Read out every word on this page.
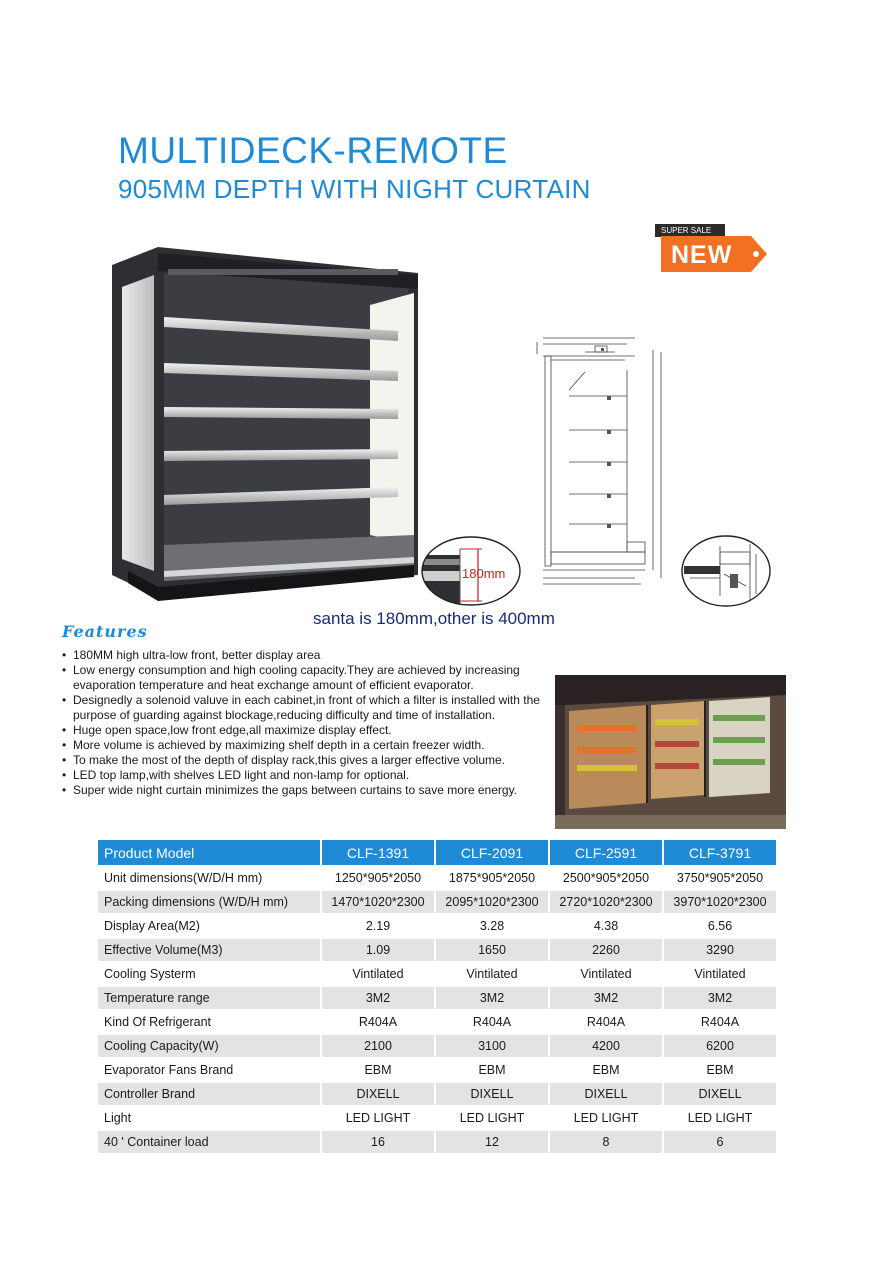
MULTIDECK-REMOTE
905MM DEPTH WITH NIGHT CURTAIN
SUPER SALE
NEW
180mm
santa is 180mm,other is 400mm
Features
• 180MM high ultra-low front, better display area
• Low energy consumption and high cooling capacity.They are achieved by increasing evaporation temperature and heat exchange amount of efficient evaporator.
• Designedly a solenoid valuve in each cabinet,in front of which a filter is installed with the purpose of guarding against blockage,reducing difficulty and time of installation.
• Huge open space,low front edge,all maximize display effect.
• More volume is achieved by maximizing shelf depth in a certain freezer width.
• To make the most of the depth of display rack,this gives a larger effective volume.
• LED top lamp,with shelves LED light and non-lamp for optional.
• Super wide night curtain minimizes the gaps between curtains to save more energy.
Product Model	CLF-1391	CLF-2091	CLF-2591	CLF-3791
Unit dimensions(W/D/H mm)	1250*905*2050	1875*905*2050	2500*905*2050	3750*905*2050
Packing dimensions (W/D/H mm)	1470*1020*2300	2095*1020*2300	2720*1020*2300	3970*1020*2300
Display Area(M2)	2.19	3.28	4.38	6.56
Effective Volume(M3)	1.09	1650	2260	3290
Cooling Systerm	Vintilated	Vintilated	Vintilated	Vintilated
Temperature range	3M2	3M2	3M2	3M2
Kind Of Refrigerant	R404A	R404A	R404A	R404A
Cooling Capacity(W)	2100	3100	4200	6200
Evaporator Fans Brand	EBM	EBM	EBM	EBM
Controller Brand	DIXELL	DIXELL	DIXELL	DIXELL
Light	LED LIGHT	LED LIGHT	LED LIGHT	LED LIGHT
40 ' Container load	16	12	8	6
